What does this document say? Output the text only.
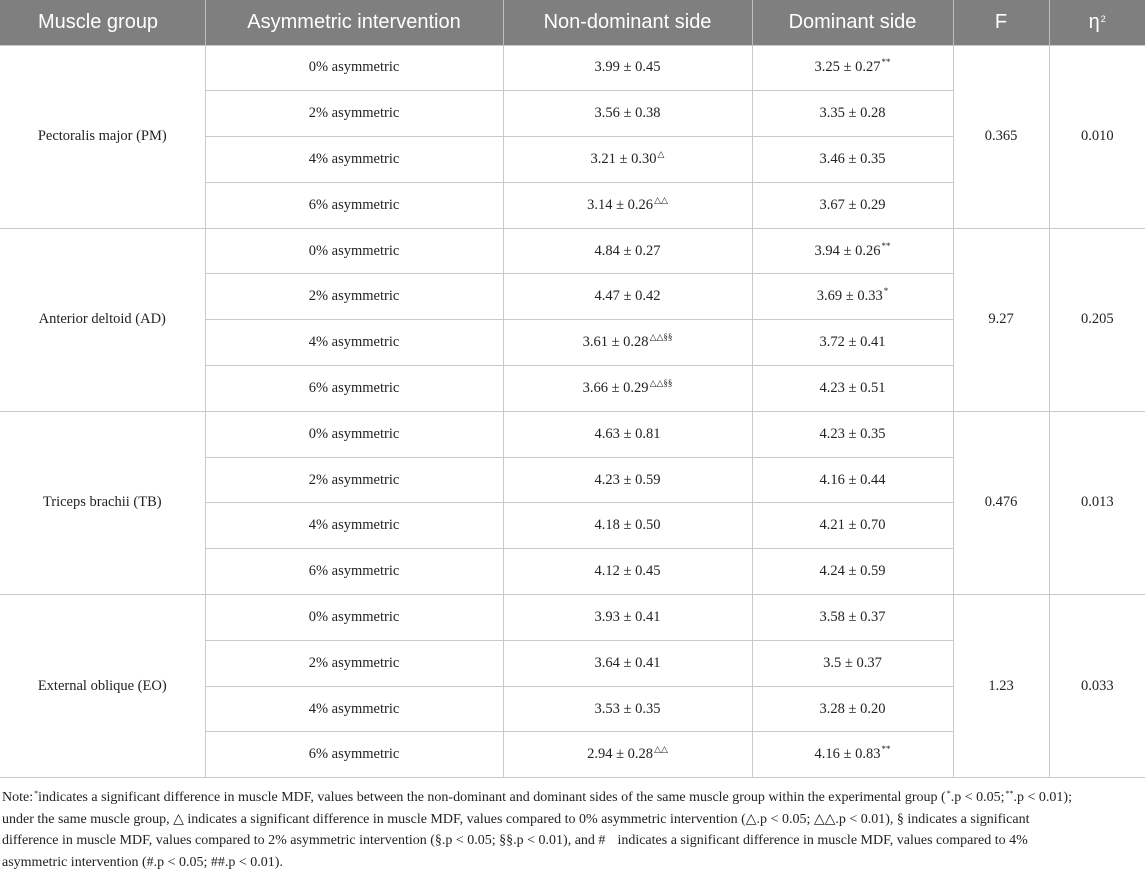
Muscle group	Asymmetric intervention	Non-dominant side	Dominant side	F	$\eta^2$
Pectoralis major (PM)	0% asymmetric	3.99 ± 0.45	3.25 ± 0.27**	0.365	0.010
	2% asymmetric	3.56 ± 0.38	3.35 ± 0.28		
	4% asymmetric	3.21 ± 0.30△	3.46 ± 0.35		
	6% asymmetric	3.14 ± 0.26△△	3.67 ± 0.29		
Anterior deltoid (AD)	0% asymmetric	4.84 ± 0.27	3.94 ± 0.26**	9.27	0.205
	2% asymmetric	4.47 ± 0.42	3.69 ± 0.33*
	4% asymmetric	3.61 ± 0.28△△§§	3.72 ± 0.41		
	6% asymmetric	3.66 ± 0.29△△§§	4.23 ± 0.51		
Triceps brachii (TB)	0% asymmetric	4.63 ± 0.81	4.23 ± 0.35	0.476	0.013
	2% asymmetric	4.23 ± 0.59	4.16 ± 0.44		
	4% asymmetric	4.18 ± 0.50	4.21 ± 0.70		
	6% asymmetric	4.12 ± 0.45	4.24 ± 0.59		
External oblique (EO)	0% asymmetric	3.93 ± 0.41	3.58 ± 0.37	1.23	0.033
	2% asymmetric	3.64 ± 0.41	3.5 ± 0.37		
	4% asymmetric	3.53 ± 0.35	3.28 ± 0.20		
	6% asymmetric	2.94 ± 0.28△△	4.16 ± 0.83**
Note:*indicates a significant difference in muscle MDF, values between the non-dominant and dominant sides of the same muscle group within the experimental group (*.p < 0.05;**.p < 0.01);
under the same muscle group, △ indicates a significant difference in muscle MDF, values compared to 0% asymmetric intervention (△.p < 0.05; △△.p < 0.01), § indicates a significant
difference in muscle MDF, values compared to 2% asymmetric intervention (§.p < 0.05; §§.p < 0.01), and # indicates a significant difference in muscle MDF, values compared to 4%
asymmetric intervention (#.p < 0.05; ##.p < 0.01).
